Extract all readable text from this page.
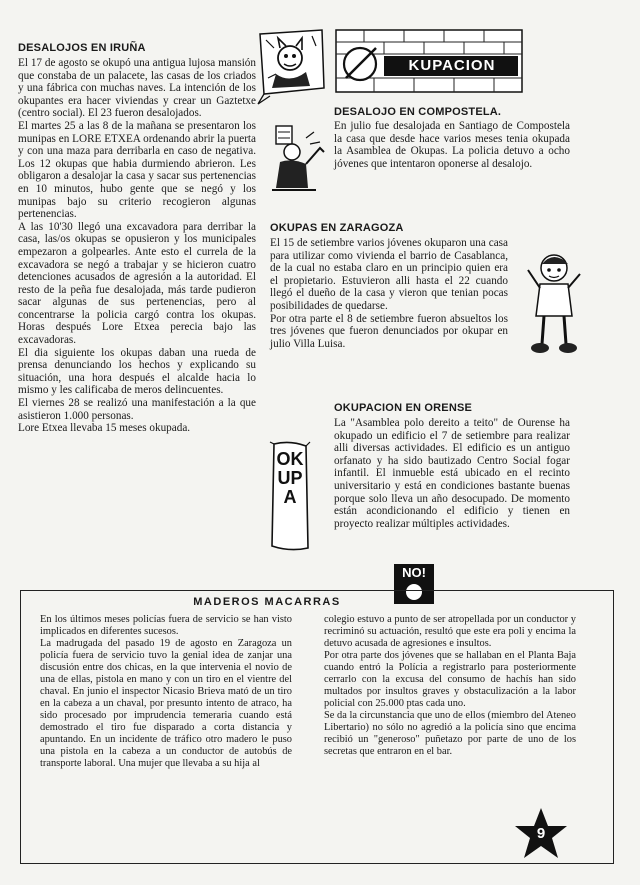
KUPACION
OKUPA
NO!
DESALOJOS EN IRUÑA

El 17 de agosto se okupó una antigua lujosa mansión que constaba de un palacete, las casas de los criados y una fábrica con muchas naves. La intención de los okupantes era hacer viviendas y crear un Gaztetxe (centro social). El 23 fueron desalojados.

El martes 25 a las 8 de la mañana se presentaron los munipas en LORE ETXEA ordenando abrir la puerta y con una maza para derribarla en caso de negativa. Los 12 okupas que habia durmiendo abrieron. Les obligaron a desalojar la casa y sacar sus pertenencias en 10 minutos, hubo gente que se negó y los munipas bajo su criterio recogieron algunas pertenencias.

A las 10'30 llegó una excavadora para derribar la casa, las/os okupas se opusieron y los municipales empezaron a golpearles. Ante esto el currela de la excavadora se negó a trabajar y se hicieron cuatro detenciones acusados de agresión a la autoridad. El resto de la peña fue desalojada, más tarde pudieron sacar algunas de sus pertenencias, pero al concentrarse la policia cargó contra los okupas. Horas después Lore Etxea perecia bajo las excavadoras.

El dia siguiente los okupas daban una rueda de prensa denunciando los hechos y explicando su situación, una hora después el alcalde hacia lo mismo y les calificaba de meros delincuentes.

El viernes 28 se realizó una manifestación a la que asistieron 1.000 personas.

Lore Etxea llevaba 15 meses okupada.

DESALOJO EN COMPOSTELA.

En julio fue desalojada en Santiago de Compostela la casa que desde hace varios meses tenia okupada la Asamblea de Okupas. La policia detuvo a ocho jóvenes que intentaron oponerse al desalojo.

OKUPAS EN ZARAGOZA

El 15 de setiembre varios jóvenes okuparon una casa para utilizar como vivienda el barrio de Casablanca, de la cual no estaba claro en un principio quien era el propietario. Estuvieron alli hasta el 22 cuando llegó el dueño de la casa y vieron que tenian pocas posibilidades de quedarse.

Por otra parte el 8 de setiembre fueron absueltos los tres jóvenes que fueron denunciados por okupar en julio Villa Luisa.

OKUPACION EN ORENSE

La "Asamblea polo dereito a teito" de Ourense ha okupado un edificio el 7 de setiembre para realizar alli diversas actividades. El edificio es un antiguo orfanato y ha sido bautizado Centro Social fogar infantil. El inmueble está ubicado en el recinto universitario y está en condiciones bastante buenas porque solo lleva un año desocupado. De momento están acondicionando el edificio y tienen en proyecto realizar múltiples actividades.

MADEROS MACARRAS

En los últimos meses policías fuera de servicio se han visto implicados en diferentes sucesos.

La madrugada del pasado 19 de agosto en Zaragoza un policía fuera de servicio tuvo la genial idea de zanjar una discusión entre dos chicas, en la que intervenia el novio de una de ellas, pistola en mano y con un tiro en el vientre del chaval. En junio el inspector Nicasio Brieva mató de un tiro en la cabeza a un chaval, por presunto intento de atraco, ha sido procesado por imprudencia temeraria cuando está demostrado el tiro fue disparado a corta distancia y apuntando. En un incidente de tráfico otro madero le puso una pistola en la cabeza a un conductor de autobús de transporte laboral. Una mujer que llevaba a su hija al

colegio estuvo a punto de ser atropellada por un conductor y recriminó su actuación, resultó que este era poli y encima la detuvo acusada de agresiones e insultos.

Por otra parte dos jóvenes que se hallaban en el Planta Baja cuando entró la Polícia a registrarlo para posteriormente cerrarlo con la excusa del consumo de hachís han sido multados por insultos graves y obstaculización a la labor policial con 25.000 ptas cada uno.

Se da la circunstancia que uno de ellos (miembro del Ateneo Libertario) no sólo no agredió a la policía sino que encima recibió un "generoso" puñetazo por parte de uno de los secretas que entraron en el bar.

9
